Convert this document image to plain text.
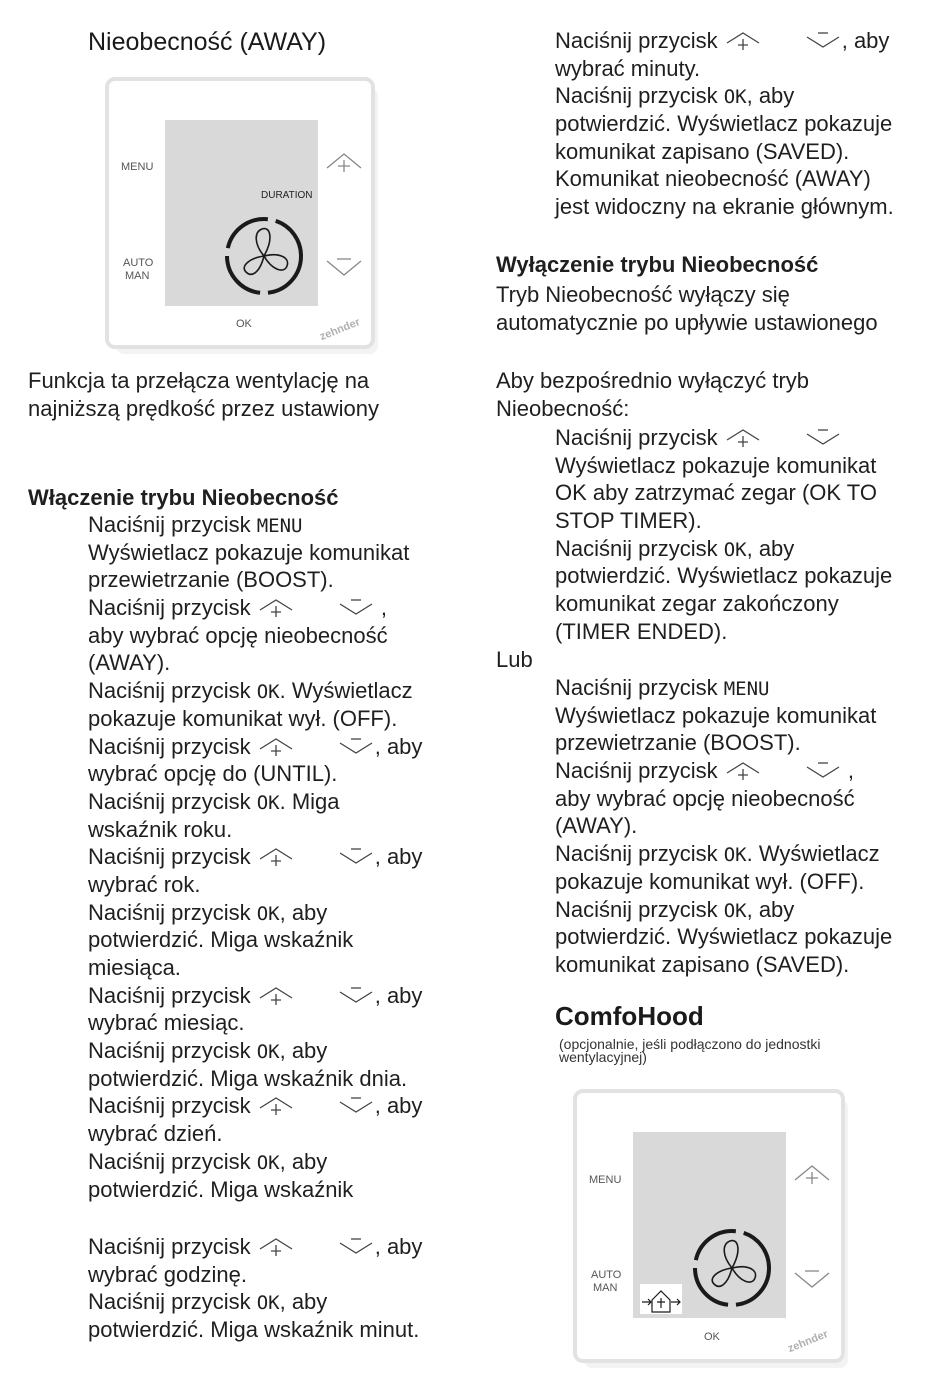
Nieobecność (AWAY)
MENU
AUTO
MAN
OK
DURATION
zehnder

Funkcja ta przełącza wentylację na najniższą prędkość przez ustawiony

Włączenie trybu Nieobecność
Naciśnij przycisk MENU
Wyświetlacz pokazuje komunikat
przewietrzanie (BOOST).
Naciśnij przycisk	,
aby wybrać opcję nieobecność
(AWAY).
Naciśnij przycisk OK. Wyświetlacz
pokazuje komunikat wył. (OFF).
Naciśnij przycisk	, aby
wybrać opcję do (UNTIL).
Naciśnij przycisk OK. Miga
wskaźnik roku.
Naciśnij przycisk	, aby
wybrać rok.
Naciśnij przycisk OK, aby
potwierdzić. Miga wskaźnik
miesiąca.
Naciśnij przycisk	, aby
wybrać miesiąc.
Naciśnij przycisk OK, aby
potwierdzić. Miga wskaźnik dnia.
Naciśnij przycisk	, aby
wybrać dzień.
Naciśnij przycisk OK, aby
potwierdzić. Miga wskaźnik
Naciśnij przycisk	, aby
wybrać godzinę.
Naciśnij przycisk OK, aby
potwierdzić. Miga wskaźnik minut.
Naciśnij przycisk	, aby
wybrać minuty.
Naciśnij przycisk OK, aby
potwierdzić. Wyświetlacz pokazuje
komunikat zapisano (SAVED).
Komunikat nieobecność (AWAY)
jest widoczny na ekranie głównym.
Wyłączenie trybu Nieobecność

Tryb Nieobecność wyłączy się

automatycznie po upływie ustawionego

Aby bezpośrednio wyłączyć tryb

Nieobecność:

Naciśnij przycisk
Wyświetlacz pokazuje komunikat
OK aby zatrzymać zegar (OK TO
STOP TIMER).
Naciśnij przycisk OK, aby
potwierdzić. Wyświetlacz pokazuje
komunikat zegar zakończony
(TIMER ENDED).

Lub

Naciśnij przycisk MENU
Wyświetlacz pokazuje komunikat
przewietrzanie (BOOST).
Naciśnij przycisk	,
aby wybrać opcję nieobecność
(AWAY).
Naciśnij przycisk OK. Wyświetlacz
pokazuje komunikat wył. (OFF).
Naciśnij przycisk OK, aby
potwierdzić. Wyświetlacz pokazuje
komunikat zapisano (SAVED).
ComfoHood
(opcjonalnie, jeśli podłączono do jednostki
wentylacyjnej)
MENU
AUTO
MAN
OK	zehnder
